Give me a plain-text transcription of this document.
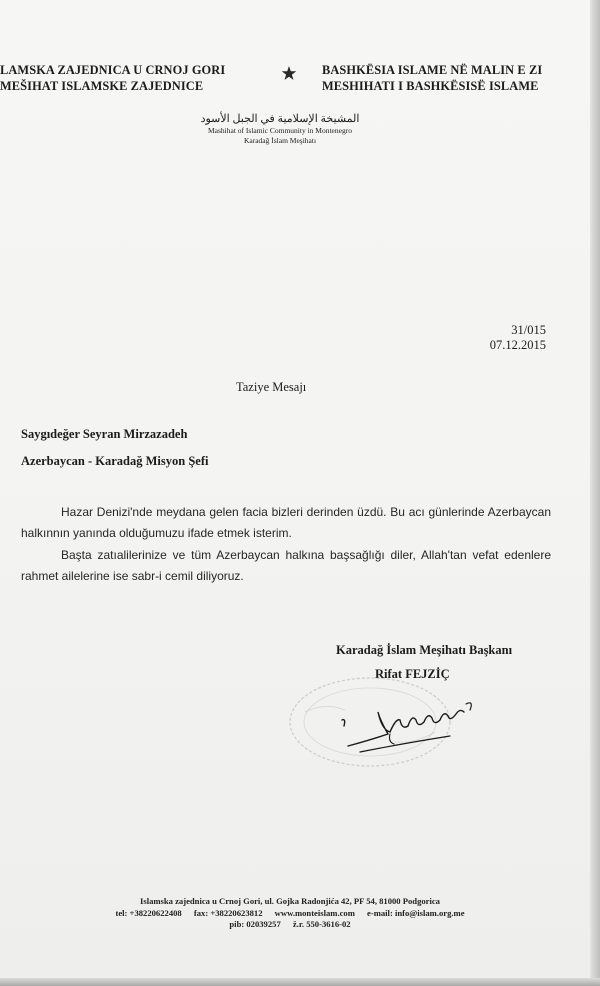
LAMSKA ZAJEDNICA U CRNOJ GORI
MEŠIHAT ISLAMSKE ZAJEDNICE
BASHKËSIA ISLAME NË MALIN E ZI
MESHIHATI I BASHKËSISË ISLAME
المشيخة الإسلامية في الجبل الأسود
Mashihat of Islamic Community in Montenegro
Karadağ İslam Meşihatı
31/015
07.12.2015
Taziye Mesajı
Saygıdeğer Seyran Mirzazadeh
Azerbaycan - Karadağ Misyon Şefi
Hazar Denizi'nde meydana gelen facia bizleri derinden üzdü. Bu acı günlerinde Azerbaycan halkınnın yanında olduğumuzu ifade etmek isterim.
Başta zatıalilerinize ve tüm Azerbaycan halkına başsağlığı diler, Allah'tan vefat edenlere rahmet ailelerine ise sabr-i cemil diliyoruz.
Karadağ İslam Meşihatı Başkanı
Rifat FEJZİÇ
Islamska zajednica u Crnoj Gori, ul. Gojka Radonjića 42, PF 54, 81000 Podgorica
tel: +38220622408 fax: +38220623812 www.monteislam.com e-mail: info@islam.org.me
pib: 02039257 ž.r. 550-3616-02
